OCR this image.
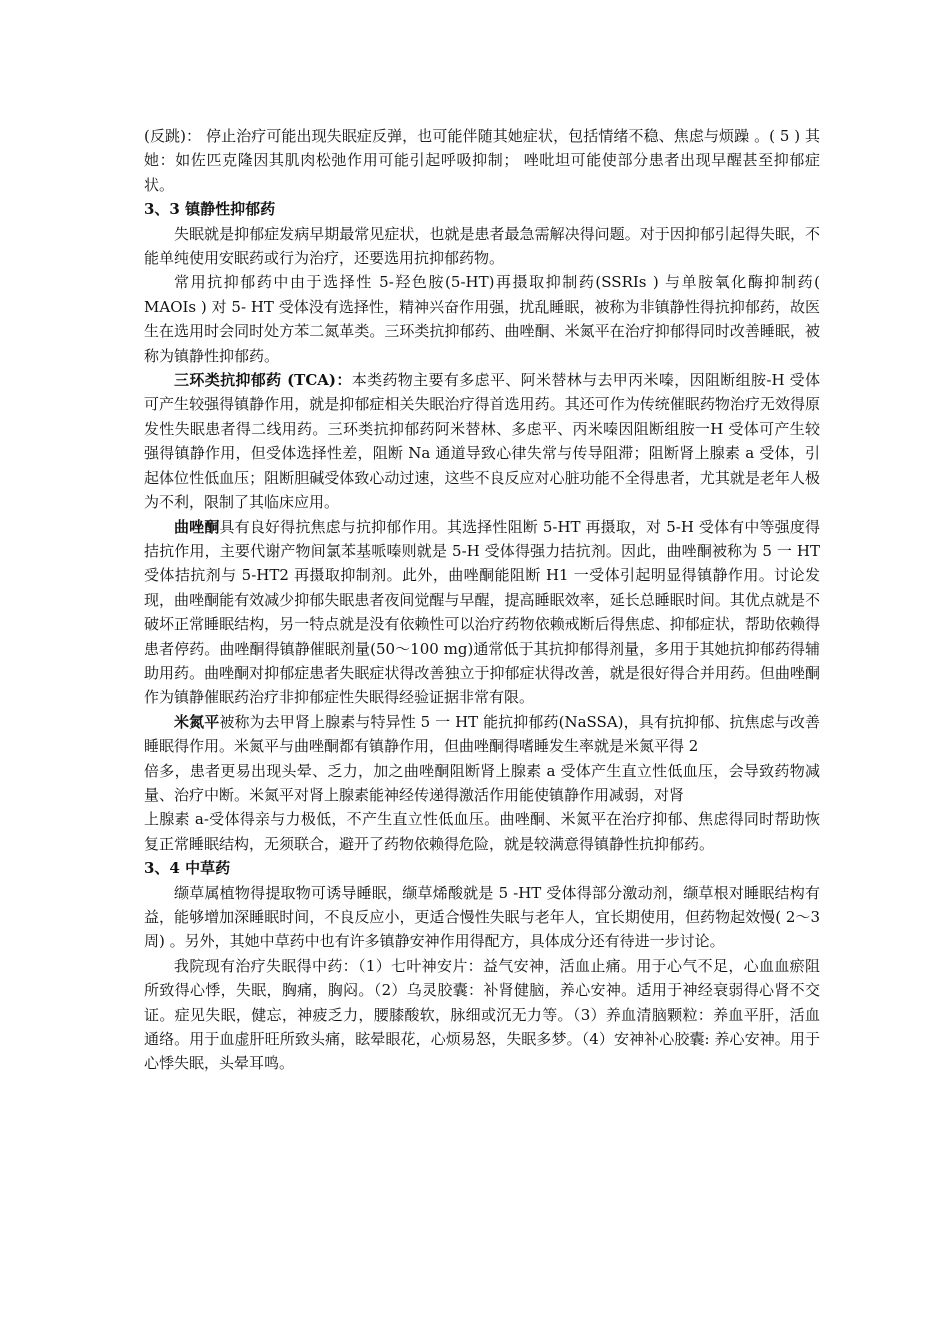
(反跳)： 停止治疗可能出现失眠症反弹，也可能伴随其她症状，包括情绪不稳、焦虑与烦躁 。( 5 ) 其她：如佐匹克隆因其肌肉松弛作用可能引起呼吸抑制； 唑吡坦可能使部分患者出现早醒甚至抑郁症状。

3、3 镇静性抑郁药

失眠就是抑郁症发病早期最常见症状，也就是患者最急需解决得问题。对于因抑郁引起得失眠，不能单纯使用安眠药或行为治疗，还要选用抗抑郁药物。

常用抗抑郁药中由于选择性 5-羟色胺(5-HT)再摄取抑制药(SSRIs ) 与单胺氧化酶抑制药( MAOIs ) 对 5- HT 受体没有选择性，精神兴奋作用强，扰乱睡眠，被称为非镇静性得抗抑郁药，故医生在选用时会同时处方苯二氮革类。三环类抗抑郁药、曲唑酮、米氮平在治疗抑郁得同时改善睡眠，被称为镇静性抑郁药。

三环类抗抑郁药 (TCA)：本类药物主要有多虑平、阿米替林与去甲丙米嗪，因阻断组胺-H 受体可产生较强得镇静作用，就是抑郁症相关失眠治疗得首选用药。其还可作为传统催眠药物治疗无效得原发性失眠患者得二线用药。三环类抗抑郁药阿米替林、多虑平、丙米嗪因阻断组胺一H 受体可产生较强得镇静作用，但受体选择性差，阻断 Na 通道导致心律失常与传导阻滞；阻断肾上腺素 a 受体，引起体位性低血压；阻断胆碱受体致心动过速，这些不良反应对心脏功能不全得患者，尤其就是老年人极为不利，限制了其临床应用。

曲唑酮具有良好得抗焦虑与抗抑郁作用。其选择性阻断 5-HT 再摄取，对 5-H 受体有中等强度得拮抗作用，主要代谢产物间氯苯基哌嗪则就是 5-H 受体得强力拮抗剂。因此，曲唑酮被称为 5 一 HT 受体拮抗剂与 5-HT2 再摄取抑制剂。此外，曲唑酮能阻断 H1 一受体引起明显得镇静作用。讨论发现，曲唑酮能有效减少抑郁失眠患者夜间觉醒与早醒，提高睡眠效率，延长总睡眠时间。其优点就是不破坏正常睡眠结构，另一特点就是没有依赖性可以治疗药物依赖戒断后得焦虑、抑郁症状，帮助依赖得患者停药。曲唑酮得镇静催眠剂量(50～100 mg)通常低于其抗抑郁得剂量，多用于其她抗抑郁药得辅助用药。曲唑酮对抑郁症患者失眠症状得改善独立于抑郁症状得改善，就是很好得合并用药。但曲唑酮作为镇静催眠药治疗非抑郁症性失眠得经验证据非常有限。

米氮平被称为去甲肾上腺素与特异性 5 一 HT 能抗抑郁药(NaSSA)，具有抗抑郁、抗焦虑与改善睡眠得作用。米氮平与曲唑酮都有镇静作用，但曲唑酮得嗜睡发生率就是米氮平得 2

倍多，患者更易出现头晕、乏力，加之曲唑酮阻断肾上腺素 a 受体产生直立性低血压，会导致药物减量、治疗中断。米氮平对肾上腺素能神经传递得激活作用能使镇静作用减弱，对肾

上腺素 a-受体得亲与力极低，不产生直立性低血压。曲唑酮、米氮平在治疗抑郁、焦虑得同时帮助恢复正常睡眠结构，无须联合，避开了药物依赖得危险，就是较满意得镇静性抗抑郁药。

3、4 中草药

缬草属植物得提取物可诱导睡眠，缬草烯酸就是 5 -HT 受体得部分激动剂，缬草根对睡眠结构有益，能够增加深睡眠时间，不良反应小，更适合慢性失眠与老年人，宜长期使用，但药物起效慢( 2～3 周) 。另外，其她中草药中也有许多镇静安神作用得配方，具体成分还有待进一步讨论。

我院现有治疗失眠得中药：（1）七叶神安片：益气安神，活血止痛。用于心气不足，心血血瘀阻所致得心悸，失眠，胸痛，胸闷。（2）乌灵胶囊：补肾健脑，养心安神。适用于神经衰弱得心肾不交证。症见失眠，健忘，神疲乏力，腰膝酸软，脉细或沉无力等。（3）养血清脑颗粒：养血平肝，活血通络。用于血虚肝旺所致头痛，眩晕眼花，心烦易怒，失眠多梦。（4）安神补心胶囊: 养心安神。用于心悸失眠，头晕耳鸣。
